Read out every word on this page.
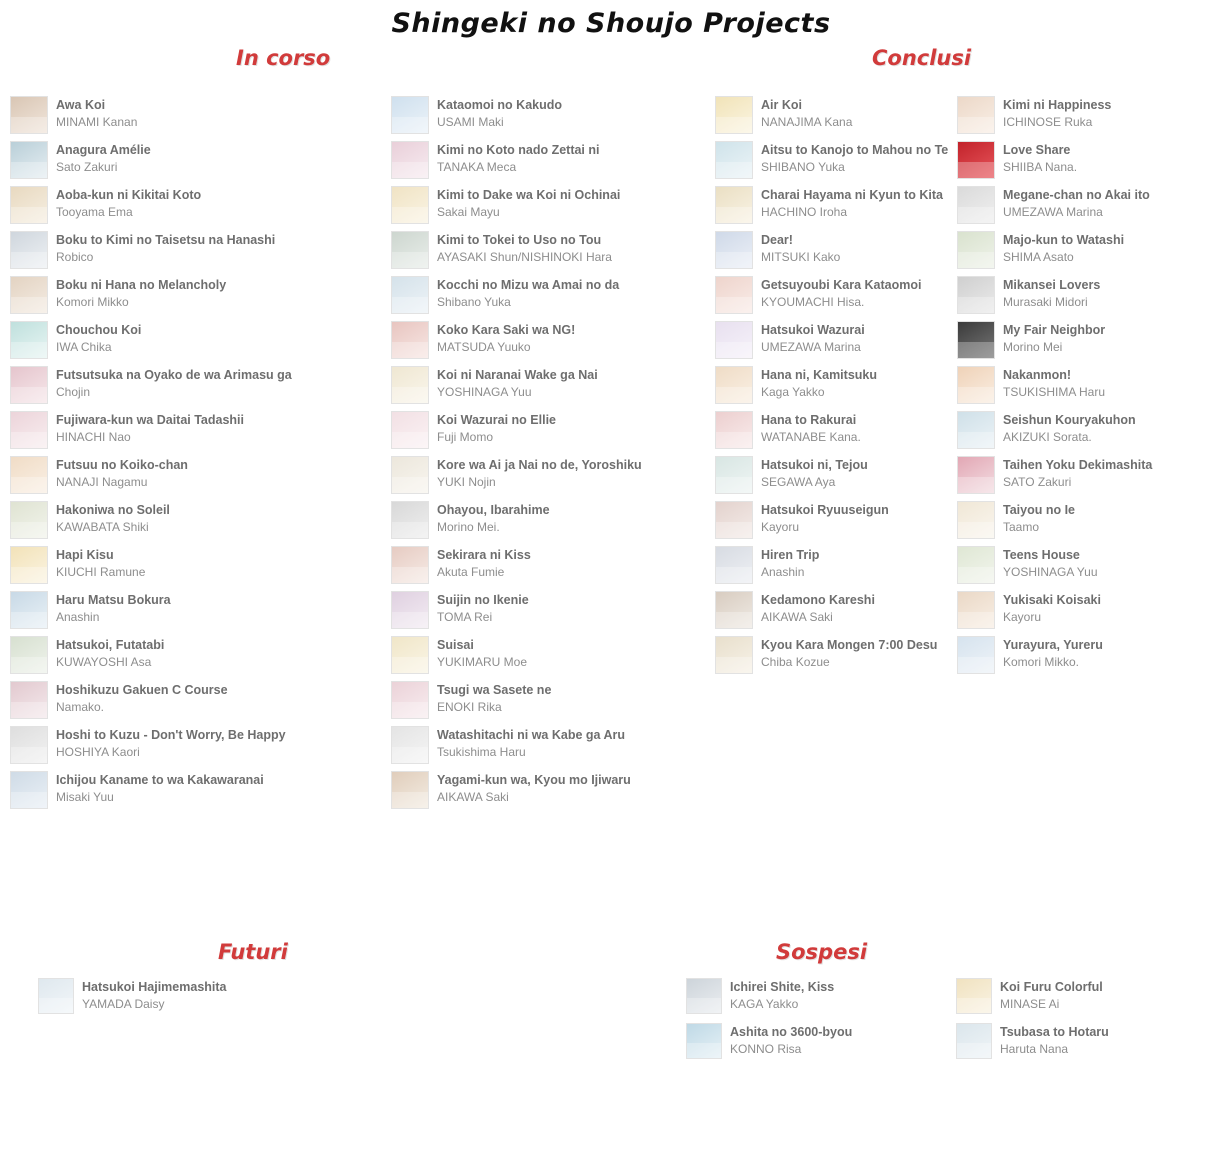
Shingeki no Shoujo Projects
In corso	Conclusi
Futuri	Sospesi
Awa Koi
MINAMI Kanan
Anagura Amélie
Sato Zakuri
Aoba-kun ni Kikitai Koto
Tooyama Ema
Boku to Kimi no Taisetsu na Hanashi
Robico
Boku ni Hana no Melancholy
Komori Mikko
Chouchou Koi
IWA Chika
Futsutsuka na Oyako de wa Arimasu ga
Chojin
Fujiwara-kun wa Daitai Tadashii
HINACHI Nao
Futsuu no Koiko-chan
NANAJI Nagamu
Hakoniwa no Soleil
KAWABATA Shiki
Hapi Kisu
KIUCHI Ramune
Haru Matsu Bokura
Anashin
Hatsukoi, Futatabi
KUWAYOSHI Asa
Hoshikuzu Gakuen C Course
Namako.
Hoshi to Kuzu - Don't Worry, Be Happy
HOSHIYA Kaori
Ichijou Kaname to wa Kakawaranai
Misaki Yuu
Kataomoi no Kakudo
USAMI Maki
Kimi no Koto nado Zettai ni
TANAKA Meca
Kimi to Dake wa Koi ni Ochinai
Sakai Mayu
Kimi to Tokei to Uso no Tou
AYASAKI Shun/NISHINOKI Hara
Kocchi no Mizu wa Amai no da
Shibano Yuka
Koko Kara Saki wa NG!
MATSUDA Yuuko
Koi ni Naranai Wake ga Nai
YOSHINAGA Yuu
Koi Wazurai no Ellie
Fuji Momo
Kore wa Ai ja Nai no de, Yoroshiku
YUKI Nojin
Ohayou, Ibarahime
Morino Mei.
Sekirara ni Kiss
Akuta Fumie
Suijin no Ikenie
TOMA Rei
Suisai
YUKIMARU Moe
Tsugi wa Sasete ne
ENOKI Rika
Watashitachi ni wa Kabe ga Aru
Tsukishima Haru
Yagami-kun wa, Kyou mo Ijiwaru
AIKAWA Saki
Air Koi
NANAJIMA Kana
Aitsu to Kanojo to Mahou no Te
SHIBANO Yuka
Charai Hayama ni Kyun to Kita
HACHINO Iroha
Dear!
MITSUKI Kako
Getsuyoubi Kara Kataomoi
KYOUMACHI Hisa.
Hatsukoi Wazurai
UMEZAWA Marina
Hana ni, Kamitsuku
Kaga Yakko
Hana to Rakurai
WATANABE Kana.
Hatsukoi ni, Tejou
SEGAWA Aya
Hatsukoi Ryuuseigun
Kayoru
Hiren Trip
Anashin
Kedamono Kareshi
AIKAWA Saki
Kyou Kara Mongen 7:00 Desu
Chiba Kozue
Kimi ni Happiness
ICHINOSE Ruka
Love Share
SHIIBA Nana.
Megane-chan no Akai ito
UMEZAWA Marina
Majo-kun to Watashi
SHIMA Asato
Mikansei Lovers
Murasaki Midori
My Fair Neighbor
Morino Mei
Nakanmon!
TSUKISHIMA Haru
Seishun Kouryakuhon
AKIZUKI Sorata.
Taihen Yoku Dekimashita
SATO Zakuri
Taiyou no Ie
Taamo
Teens House
YOSHINAGA Yuu
Yukisaki Koisaki
Kayoru
Yurayura, Yureru
Komori Mikko.
Hatsukoi Hajimemashita
YAMADA Daisy
Ichirei Shite, Kiss
KAGA Yakko
Ashita no 3600-byou
KONNO Risa
Koi Furu Colorful
MINASE Ai
Tsubasa to Hotaru
Haruta Nana
